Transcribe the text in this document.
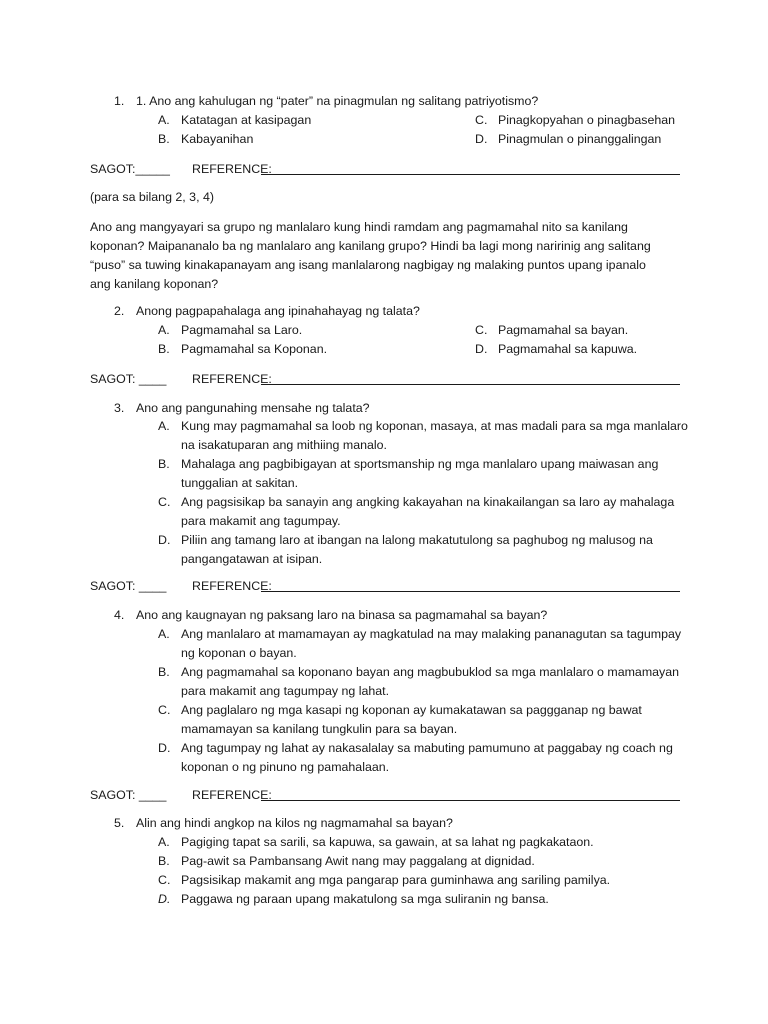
1. 1. Ano ang kahulugan ng “pater” na pinagmulan ng salitang patriyotismo?
A. Katatagan at kasipagan	C. Pinagkopyahan o pinagbasehan
B. Kabayanihan	D. Pinagmulan o pinanggalingan
SAGOT:_____ REFERENCE:
(para sa bilang 2, 3, 4)

Ano ang mangyayari sa grupo ng manlalaro kung hindi ramdam ang pagmamahal nito sa kanilang

koponan? Maipananalo ba ng manlalaro ang kanilang grupo? Hindi ba lagi mong naririnig ang salitang

“puso” sa tuwing kinakapanayam ang isang manlalarong nagbigay ng malaking puntos upang ipanalo

ang kanilang koponan?

2. Anong pagpapahalaga ang ipinahahayag ng talata?
A. Pagmamahal sa Laro.	C. Pagmamahal sa bayan.
B. Pagmamahal sa Koponan.	D. Pagmamahal sa kapuwa.
SAGOT: ____ REFERENCE:
3. Ano ang pangunahing mensahe ng talata?
A. Kung may pagmamahal sa loob ng koponan, masaya, at mas madali para sa mga manlalaro na isakatuparan ang mithiing manalo.
B. Mahalaga ang pagbibigayan at sportsmanship ng mga manlalaro upang maiwasan ang tunggalian at sakitan.
C. Ang pagsisikap ba sanayin ang angking kakayahan na kinakailangan sa laro ay mahalaga para makamit ang tagumpay.
D. Piliin ang tamang laro at ibangan na lalong makatutulong sa paghubog ng malusog na pangangatawan at isipan.
SAGOT: ____ REFERENCE:
4. Ano ang kaugnayan ng paksang laro na binasa sa pagmamahal sa bayan?
A. Ang manlalaro at mamamayan ay magkatulad na may malaking pananagutan sa tagumpay ng koponan o bayan.
B. Ang pagmamahal sa koponano bayan ang magbubuklod sa mga manlalaro o mamamayan para makamit ang tagumpay ng lahat.
C. Ang paglalaro ng mga kasapi ng koponan ay kumakatawan sa paggganap ng bawat mamamayan sa kanilang tungkulin para sa bayan.
D. Ang tagumpay ng lahat ay nakasalalay sa mabuting pamumuno at paggabay ng coach ng koponan o ng pinuno ng pamahalaan.
SAGOT: ____ REFERENCE:
5. Alin ang hindi angkop na kilos ng nagmamahal sa bayan?
A. Pagiging tapat sa sarili, sa kapuwa, sa gawain, at sa lahat ng pagkakataon.
B. Pag-awit sa Pambansang Awit nang may paggalang at dignidad.
C. Pagsisikap makamit ang mga pangarap para guminhawa ang sariling pamilya.
D. Paggawa ng paraan upang makatulong sa mga suliranin ng bansa.
